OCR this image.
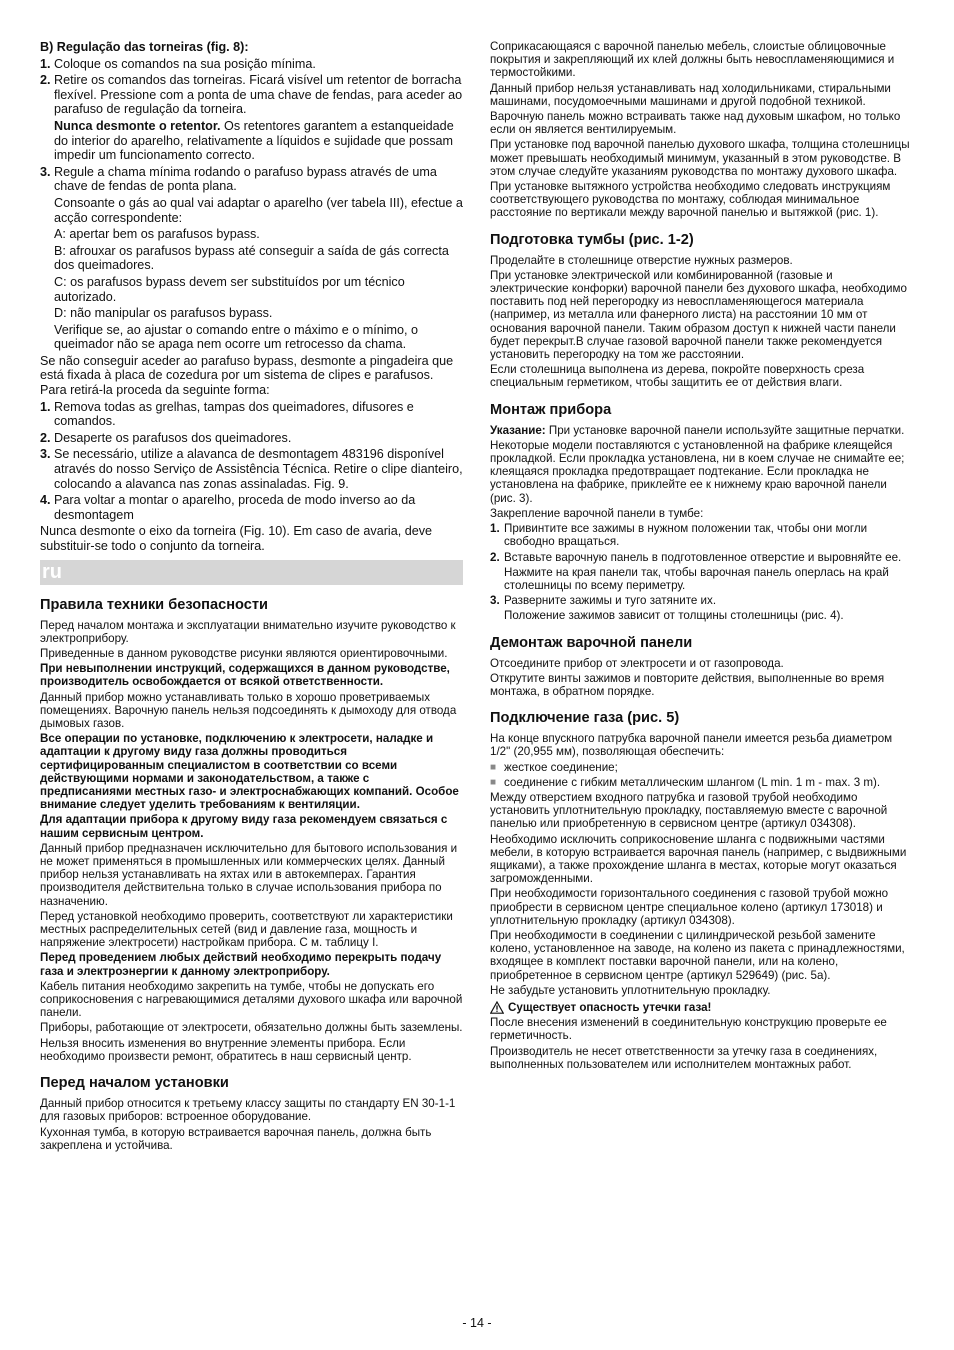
B) Regulação das torneiras (fig. 8):

1. Coloque os comandos na sua posição mínima.
2. Retire os comandos das torneiras. Ficará visível um retentor de borracha flexível. Pressione com a ponta de uma chave de fendas, para aceder ao parafuso de regulação da torneira.

Nunca desmonte o retentor. Os retentores garantem a estanqueidade do interior do aparelho, relativamente a líquidos e sujidade que possam impedir um funcionamento correcto.

3. Regule a chama mínima rodando o parafuso bypass através de uma chave de fendas de ponta plana.

Consoante o gás ao qual vai adaptar o aparelho (ver tabela III), efectue a acção correspondente:

A: apertar bem os parafusos bypass.

B: afrouxar os parafusos bypass até conseguir a saída de gás correcta dos queimadores.

C: os parafusos bypass devem ser substituídos por um técnico autorizado.

D: não manipular os parafusos bypass.

Verifique se, ao ajustar o comando entre o máximo e o mínimo, o queimador não se apaga nem ocorre um retrocesso da chama.

Se não conseguir aceder ao parafuso bypass, desmonte a pingadeira que está fixada à placa de cozedura por um sistema de clipes e parafusos. Para retirá-la proceda da seguinte forma:

1. Remova todas as grelhas, tampas dos queimadores, difusores e comandos.
2. Desaperte os parafusos dos queimadores.
3. Se necessário, utilize a alavanca de desmontagem 483196 disponível através do nosso Serviço de Assistência Técnica. Retire o clipe dianteiro, colocando a alavanca nas zonas assinaladas. Fig. 9.
4. Para voltar a montar o aparelho, proceda de modo inverso ao da desmontagem

Nunca desmonte o eixo da torneira (Fig. 10). Em caso de avaria, deve substituir-se todo o conjunto da torneira.

ru

Правила техники безопасности

Перед началом монтажа и эксплуатации внимательно изучите руководство к электроприбору.

Приведенные в данном руководстве рисунки являются ориентировочными.

При невыполнении инструкций, содержащихся в данном руководстве, производитель освобождается от всякой ответственности.

Данный прибор можно устанавливать только в хорошо проветриваемых помещениях. Варочную панель нельзя подсоединять к дымоходу для отвода дымовых газов.

Все операции по установке, подключению к электросети, наладке и адаптации к другому виду газа должны проводиться сертифицированным специалистом в соответствии со всеми действующими нормами и законодательством, а также с предписаниями местных газо- и электроснабжающих компаний. Особое внимание следует уделить требованиям к вентиляции.

Для адаптации прибора к другому виду газа рекомендуем связаться с нашим сервисным центром.

Данный прибор предназначен исключительно для бытового использования и не может применяться в промышленных или коммерческих целях. Данный прибор нельзя устанавливать на яхтах или в автокемперах. Гарантия производителя действительна только в случае использования прибора по назначению.

Перед установкой необходимо проверить, соответствуют ли характеристики местных распределительных сетей (вид и давление газа, мощность и напряжение электросети) настройкам прибора. С м. таблицу I.

Перед проведением любых действий необходимо перекрыть подачу газа и электроэнергии к данному электроприбору.

Кабель питания необходимо закрепить на тумбе, чтобы не допускать его соприкосновения с нагревающимися деталями духового шкафа или варочной панели.

Приборы, работающие от электросети, обязательно должны быть заземлены.

Нельзя вносить изменения во внутренние элементы прибора. Если необходимо произвести ремонт, обратитесь в наш сервисный центр.

Перед началом установки

Данный прибор относится к третьему классу защиты по стандарту EN 30-1-1 для газовых приборов: встроенное оборудование.

Кухонная тумба, в которую встраивается варочная панель, должна быть закреплена и устойчива.

Соприкасающаяся с варочной панелью мебель, слоистые облицовочные покрытия и закрепляющий их клей должны быть невоспламеняющимися и термостойкими.

Данный прибор нельзя устанавливать над холодильниками, стиральными машинами, посудомоечными машинами и другой подобной техникой.

Варочную панель можно встраивать также над духовым шкафом, но только если он является вентилируемым.

При установке под варочной панелью духового шкафа, толщина столешницы может превышать необходимый минимум, указанный в этом руководстве. В этом случае следуйте указаниям руководства по монтажу духового шкафа.

При установке вытяжного устройства необходимо следовать инструкциям соответствующего руководства по монтажу, соблюдая минимальное расстояние по вертикали между варочной панелью и вытяжкой (рис. 1).

Подготовка тумбы (рис. 1-2)

Проделайте в столешнице отверстие нужных размеров.

При установке электрической или комбинированной (газовые и электрические конфорки) варочной панели без духового шкафа, необходимо поставить под ней перегородку из невоспламеняющегося материала (например, из металла или фанерного листа) на расстоянии 10 мм от основания варочной панели. Таким образом доступ к нижней части панели будет перекрыт.В случае газовой варочной панели также рекомендуется установить перегородку на том же расстоянии.

Если столешница выполнена из дерева, покройте поверхность среза специальным герметиком, чтобы защитить ее от действия влаги.

Монтаж прибора

Указание: При установке варочной панели используйте защитные перчатки.

Некоторые модели поставляются с установленной на фабрике клеящейся прокладкой. Если прокладка установлена, ни в коем случае не снимайте ее; клеящаяся прокладка предотвращает подтекание. Если прокладка не установлена на фабрике, приклейте ее к нижнему краю варочной панели (рис. 3).

Закрепление варочной панели в тумбе:

1. Привинтите все зажимы в нужном положении так, чтобы они могли свободно вращаться.
2. Вставьте варочную панель в подготовленное отверстие и выровняйте ее.

Нажмите на края панели так, чтобы варочная панель оперлась на край столешницы по всему периметру.

3. Разверните зажимы и туго затяните их.

Положение зажимов зависит от толщины столешницы (рис. 4).

Демонтаж варочной панели

Отсоедините прибор от электросети и от газопровода.

Открутите винты зажимов и повторите действия, выполненные во время монтажа, в обратном порядке.

Подключение газа (рис. 5)

На конце впускного патрубка варочной панели имеется резьба диаметром 1/2" (20,955 мм), позволяющая обеспечить:

■ жесткое соединение;
■ соединение с гибким металлическим шлангом (L min. 1 m - max. 3 m).

Между отверстием входного патрубка и газовой трубой необходимо установить уплотнительную прокладку, поставляемую вместе с варочной панелью или приобретенную в сервисном центре (артикул 034308).

Необходимо исключить соприкосновение шланга с подвижными частями мебели, в которую встраивается варочная панель (например, с выдвижными ящиками), а также прохождение шланга в местах, которые могут оказаться загроможденными.

При необходимости горизонтального соединения с газовой трубой можно приобрести в сервисном центре специальное колено (артикул 173018) и уплотнительную прокладку (артикул 034308).

При необходимости в соединении с цилиндрической резьбой замените колено, установленное на заводе, на колено из пакета с принадлежностями, входящее в комплект поставки варочной панели, или на колено, приобретенное в сервисном центре (артикул 529649) (рис. 5a).

Не забудьте установить уплотнительную прокладку.

Существует опасность утечки газа!

После внесения изменений в соединительную конструкцию проверьте ее герметичность.

Производитель не несет ответственности за утечку газа в соединениях, выполненных пользователем или исполнителем монтажных работ.

- 14 -
